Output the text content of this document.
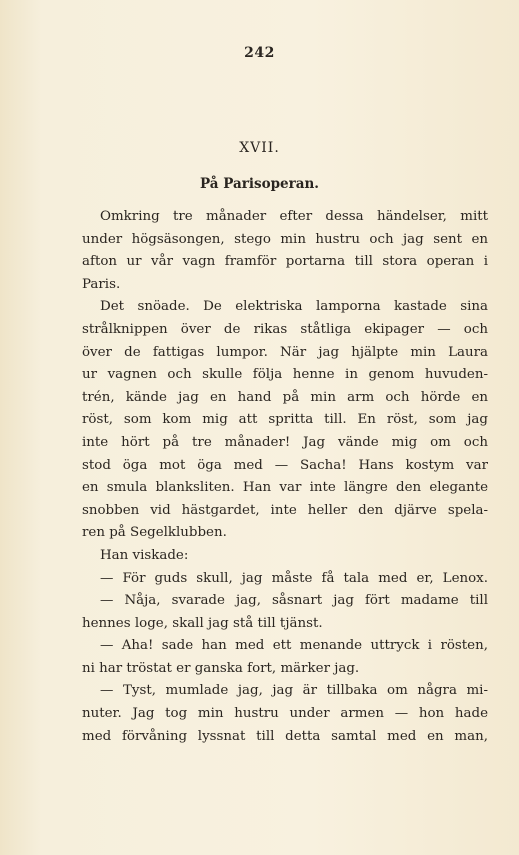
242
XVII.
På Parisoperan.
Omkring tre månader efter dessa händelser, mitt
under högsäsongen, stego min hustru och jag sent en
afton ur vår vagn framför portarna till stora operan i
Paris.
Det snöade. De elektriska lamporna kastade sina
strålknippen över de rikas ståtliga ekipager — och
över de fattigas lumpor. När jag hjälpte min Laura
ur vagnen och skulle följa henne in genom huvuden-
trén, kände jag en hand på min arm och hörde en
röst, som kom mig att spritta till. En röst, som jag
inte hört på tre månader! Jag vände mig om och
stod öga mot öga med — Sacha! Hans kostym var
en smula blanksliten. Han var inte längre den elegante
snobben vid hästgardet, inte heller den djärve spela-
ren på Segelklubben.
Han viskade:
— För guds skull, jag måste få tala med er, Lenox.
— Nåja, svarade jag, såsnart jag fört madame till
hennes loge, skall jag stå till tjänst.
— Aha! sade han med ett menande uttryck i rösten,
ni har tröstat er ganska fort, märker jag.
— Tyst, mumlade jag, jag är tillbaka om några mi-
nuter. Jag tog min hustru under armen — hon hade
med förvåning lyssnat till detta samtal med en man,
